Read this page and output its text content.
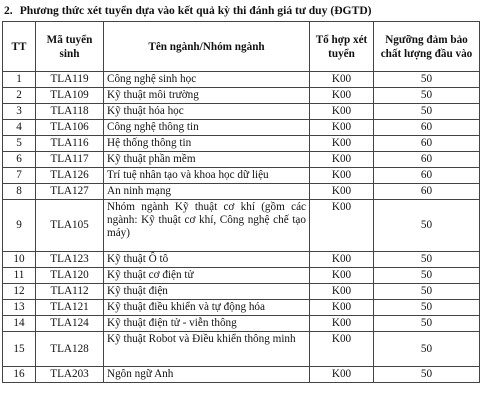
2. Phương thức xét tuyển dựa vào kết quả kỳ thi đánh giá tư duy (ĐGTD)
TT	Mã tuyển sinh	Tên ngành/Nhóm ngành	Tổ hợp xét tuyển	Ngưỡng đảm bảo chất lượng đầu vào
1	TLA119	Công nghệ sinh học	K00	50
2	TLA109	Kỹ thuật môi trường	K00	50
3	TLA118	Kỹ thuật hóa học	K00	50
4	TLA106	Công nghệ thông tin	K00	60
5	TLA116	Hệ thống thông tin	K00	60
6	TLA117	Kỹ thuật phần mềm	K00	60
7	TLA126	Trí tuệ nhân tạo và khoa học dữ liệu	K00	60
8	TLA127	An ninh mạng	K00	60
9	TLA105	Nhóm ngành Kỹ thuật cơ khí (gồm các ngành: Kỹ thuật cơ khí, Công nghệ chế tạo máy)	K00	50
10	TLA123	Kỹ thuật Ô tô	K00	50
11	TLA120	Kỹ thuật cơ điện tử	K00	50
12	TLA112	Kỹ thuật điện	K00	50
13	TLA121	Kỹ thuật điều khiển và tự động hóa	K00	50
14	TLA124	Kỹ thuật điện tử - viễn thông	K00	50
15	TLA128	Kỹ thuật Robot và Điều khiển thông minh	K00	50
16	TLA203	Ngôn ngữ Anh	K00	50
